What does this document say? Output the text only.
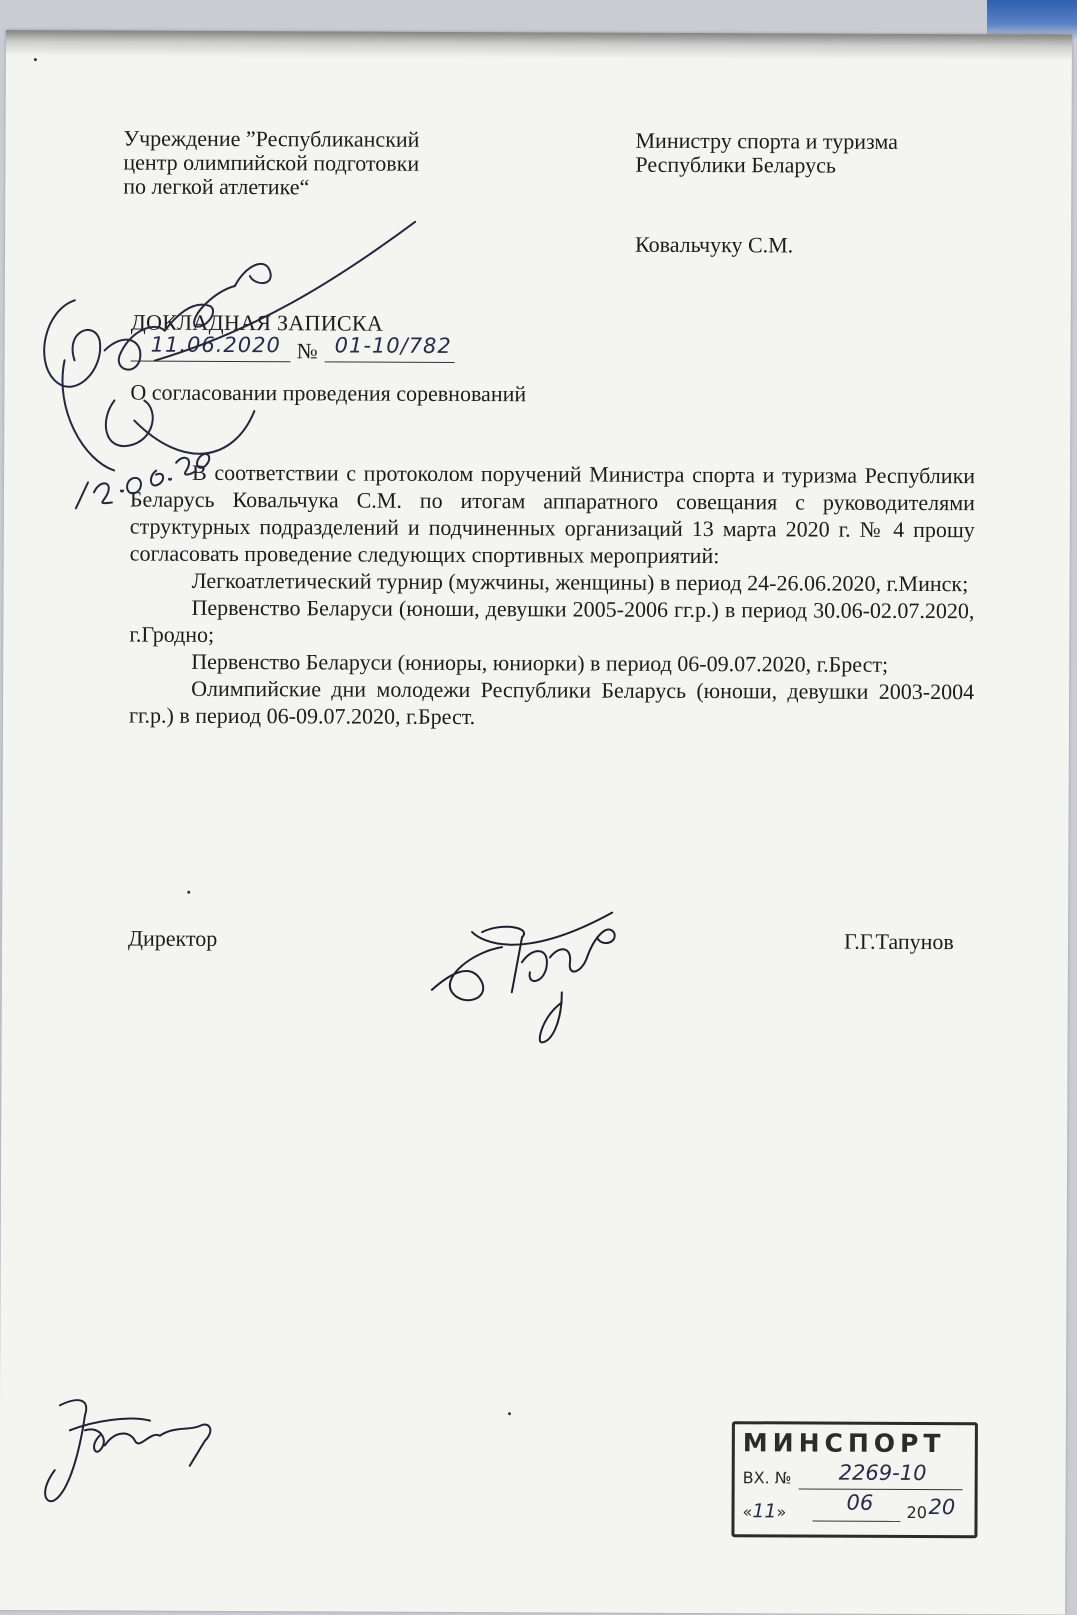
Учреждение ”Республиканский
центр олимпийской подготовки
по легкой атлетике“
Министру спорта и туризма
Республики Беларусь
Ковальчуку С.М.
ДОКЛАДНАЯ ЗАПИСКА
11.06.2020 № 01-10/782
О согласовании проведения соревнований

В соответствии с протоколом поручений Министра спорта и туризма Республики Беларусь Ковальчука С.М. по итогам аппаратного совещания с руководителями структурных подразделений и подчиненных организаций 13 марта 2020 г. № 4 прошу согласовать проведение следующих спортивных мероприятий:

Легкоатлетический турнир (мужчины, женщины) в период 24-26.06.2020, г.Минск;

Первенство Беларуси (юноши, девушки 2005-2006 гг.р.) в период 30.06-02.07.2020, г.Гродно;

Первенство Беларуси (юниоры, юниорки) в период 06-09.07.2020, г.Брест;

Олимпийские дни молодежи Республики Беларусь (юноши, девушки 2003-2004 гг.р.) в период 06-09.07.2020, г.Брест.

Директор	Г.Г.Тапунов
МИНСПОРТ
ВХ. № 2269-10
«11»	06 20 20
